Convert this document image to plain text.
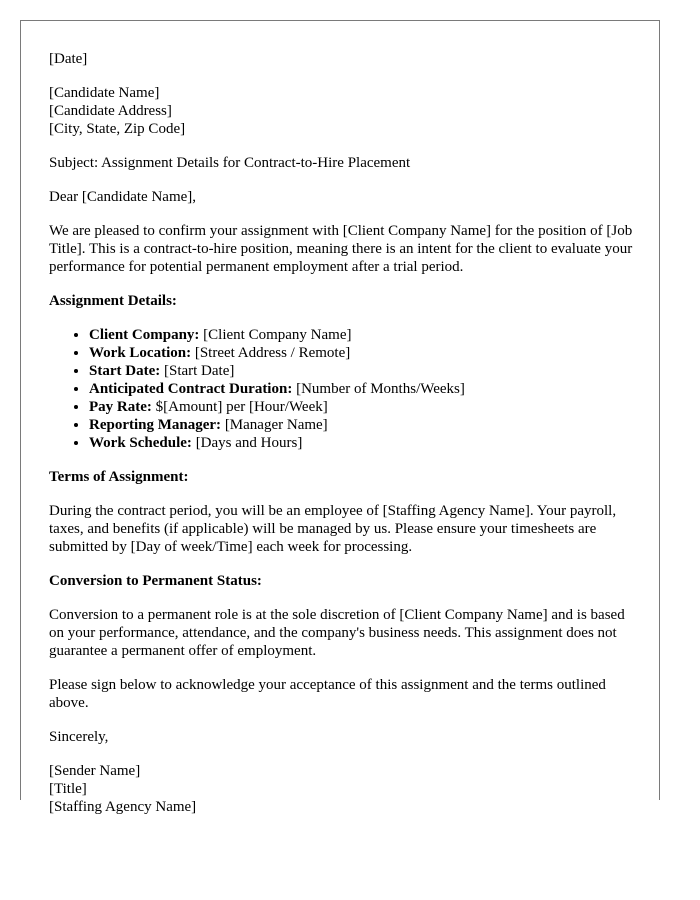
[Date]

[Candidate Name]
[Candidate Address]
[City, State, Zip Code]

Subject: Assignment Details for Contract-to-Hire Placement

Dear [Candidate Name],

We are pleased to confirm your assignment with [Client Company Name] for the position of [Job Title]. This is a contract-to-hire position, meaning there is an intent for the client to evaluate your performance for potential permanent employment after a trial period.

Assignment Details:
• Client Company: [Client Company Name]
• Work Location: [Street Address / Remote]
• Start Date: [Start Date]
• Anticipated Contract Duration: [Number of Months/Weeks]
• Pay Rate: $[Amount] per [Hour/Week]
• Reporting Manager: [Manager Name]
• Work Schedule: [Days and Hours]
Terms of Assignment:

During the contract period, you will be an employee of [Staffing Agency Name]. Your payroll, taxes, and benefits (if applicable) will be managed by us. Please ensure your timesheets are submitted by [Day of week/Time] each week for processing.

Conversion to Permanent Status:

Conversion to a permanent role is at the sole discretion of [Client Company Name] and is based on your performance, attendance, and the company's business needs. This assignment does not guarantee a permanent offer of employment.

Please sign below to acknowledge your acceptance of this assignment and the terms outlined above.

Sincerely,

[Sender Name]
[Title]
[Staffing Agency Name]
